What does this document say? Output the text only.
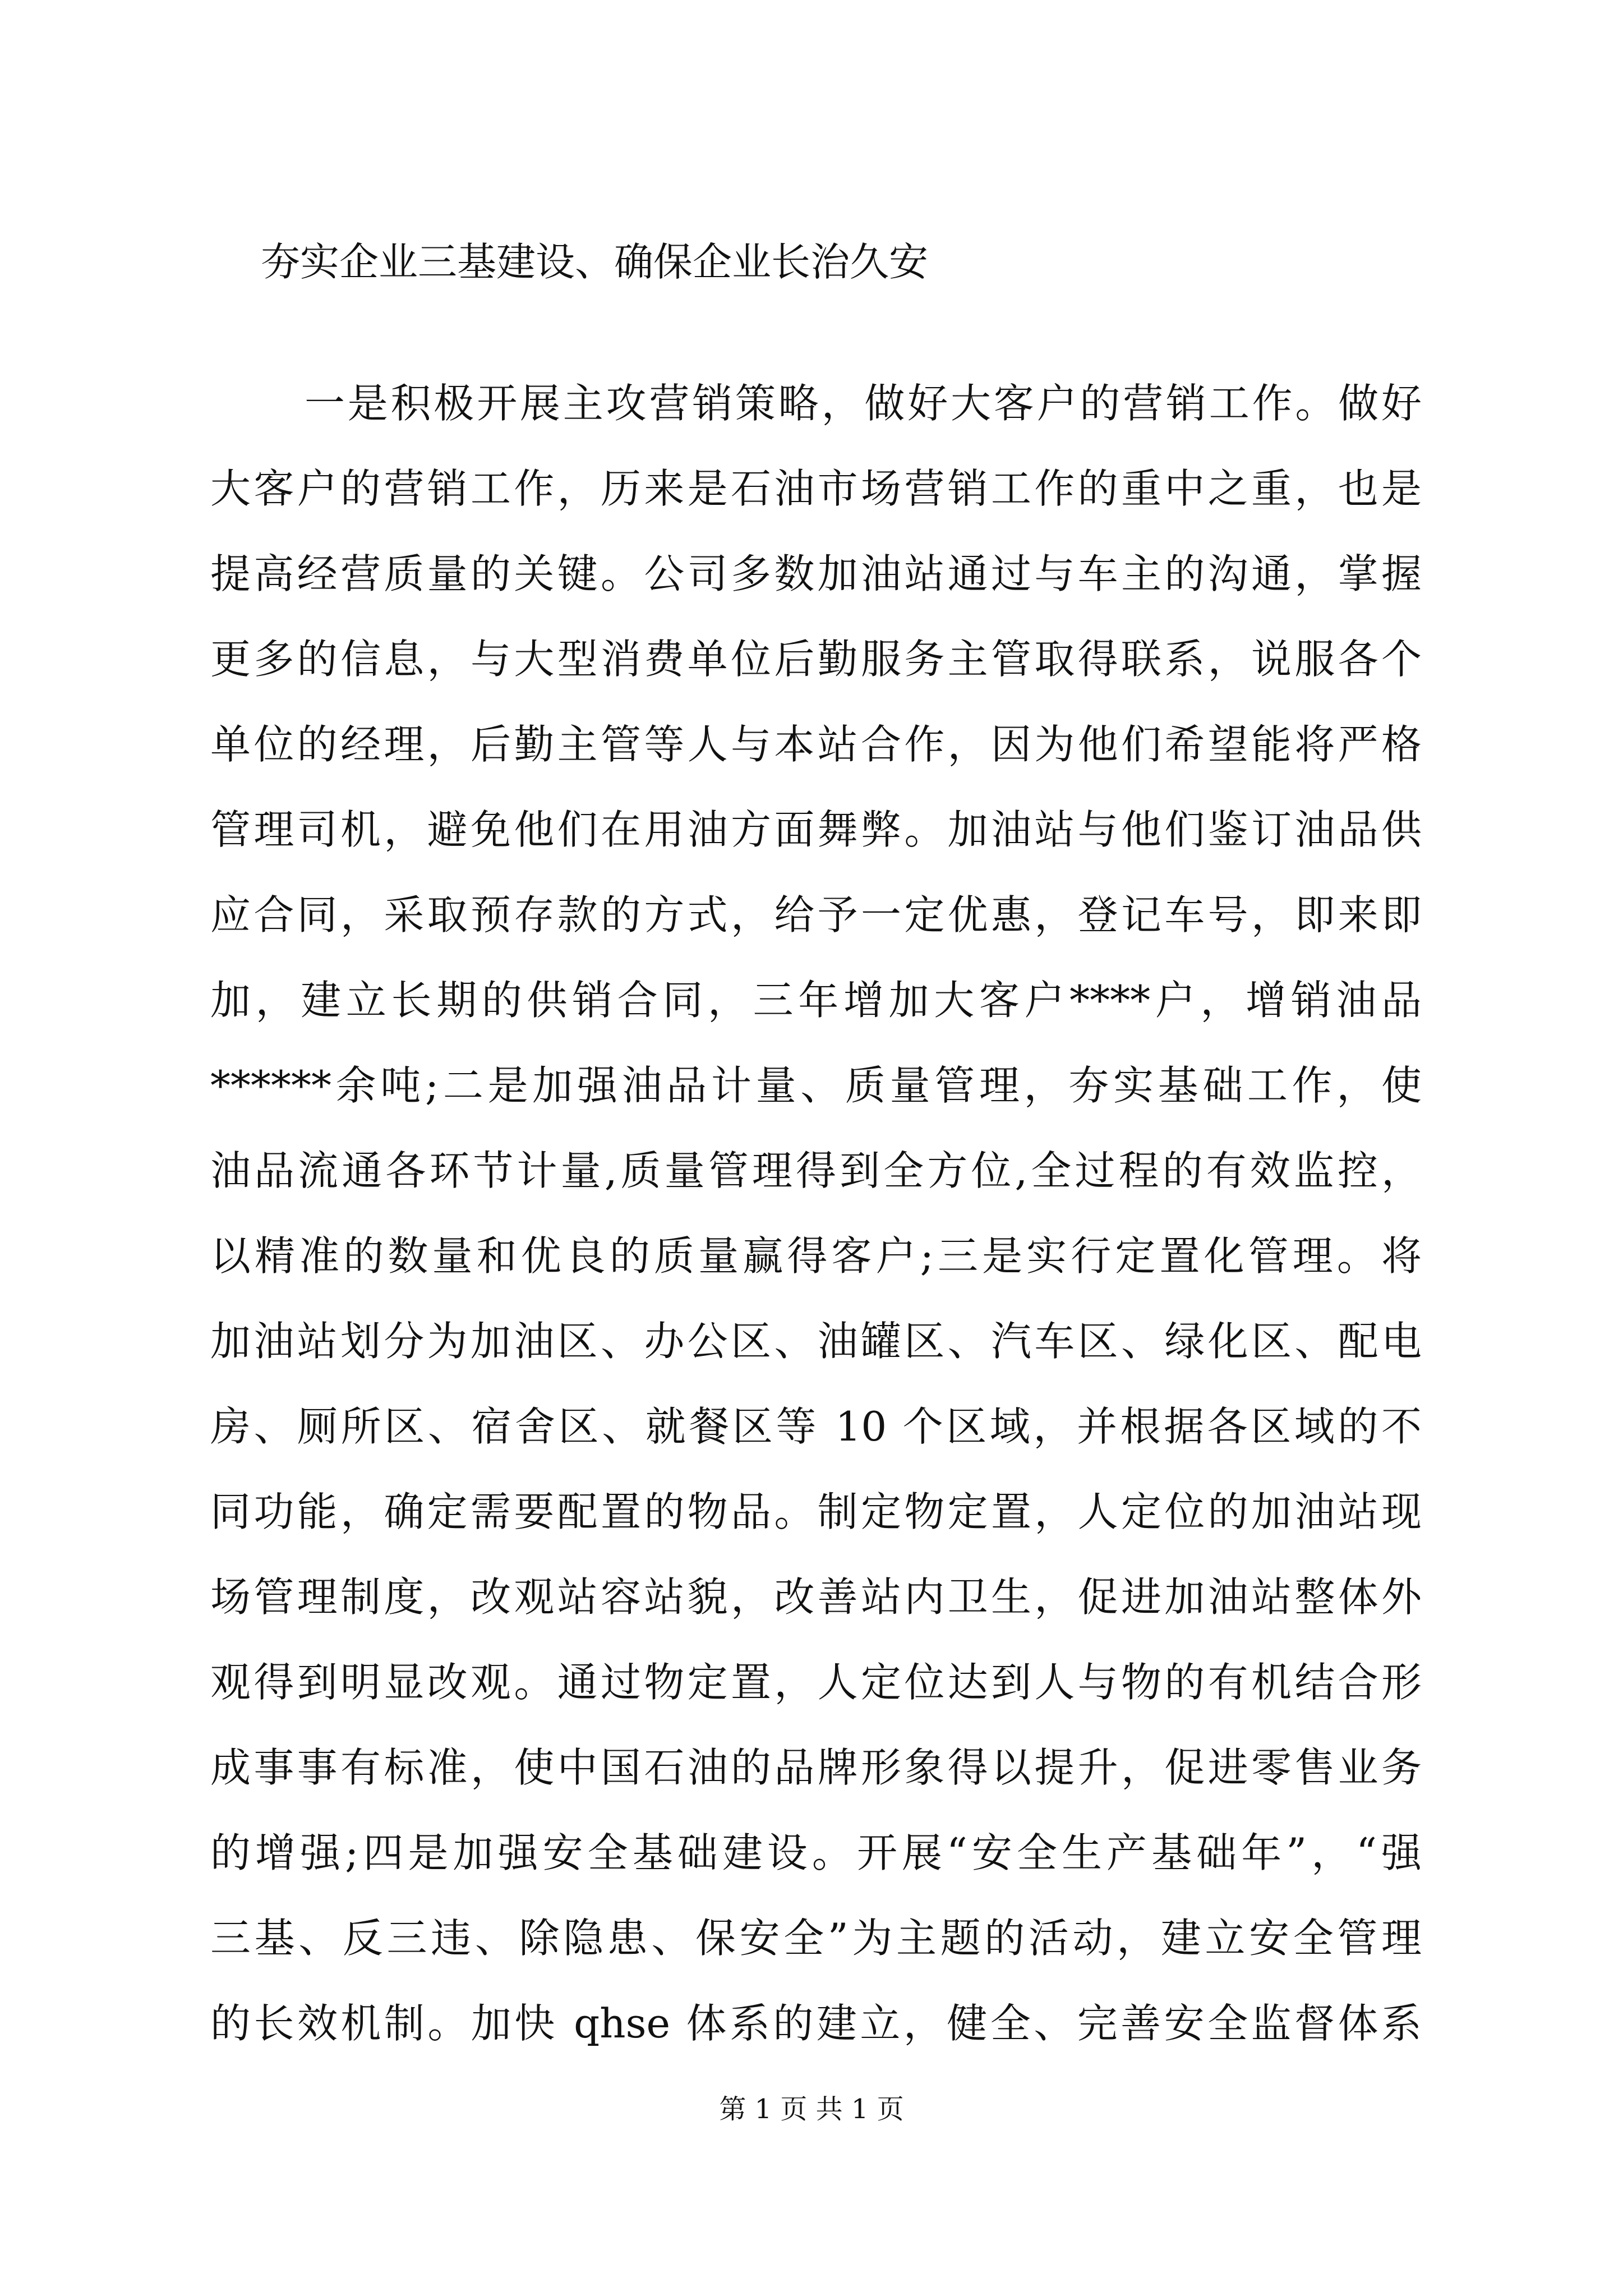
夯实企业三基建设、确保企业长治久安
一是积极开展主攻营销策略，做好大客户的营销工作。做好
大客户的营销工作，历来是石油市场营销工作的重中之重，也是
提高经营质量的关键。公司多数加油站通过与车主的沟通，掌握
更多的信息，与大型消费单位后勤服务主管取得联系，说服各个
单位的经理，后勤主管等人与本站合作，因为他们希望能将严格
管理司机，避免他们在用油方面舞弊。加油站与他们鉴订油品供
应合同，采取预存款的方式，给予一定优惠，登记车号，即来即
加，建立长期的供销合同，三年增加大客户****户，增销油品
******余吨;二是加强油品计量、质量管理，夯实基础工作，使
油品流通各环节计量,质量管理得到全方位,全过程的有效监控，
以精准的数量和优良的质量赢得客户;三是实行定置化管理。将
加油站划分为加油区、办公区、油罐区、汽车区、绿化区、配电
房、厕所区、宿舍区、就餐区等 10 个区域，并根据各区域的不
同功能，确定需要配置的物品。制定物定置，人定位的加油站现
场管理制度，改观站容站貌，改善站内卫生，促进加油站整体外
观得到明显改观。通过物定置，人定位达到人与物的有机结合形
成事事有标准，使中国石油的品牌形象得以提升，促进零售业务
的增强;四是加强安全基础建设。开展“安全生产基础年”，“强
三基、反三违、除隐患、保安全”为主题的活动，建立安全管理
的长效机制。加快 qhse 体系的建立，健全、完善安全监督体系
第 1 页 共 1 页
